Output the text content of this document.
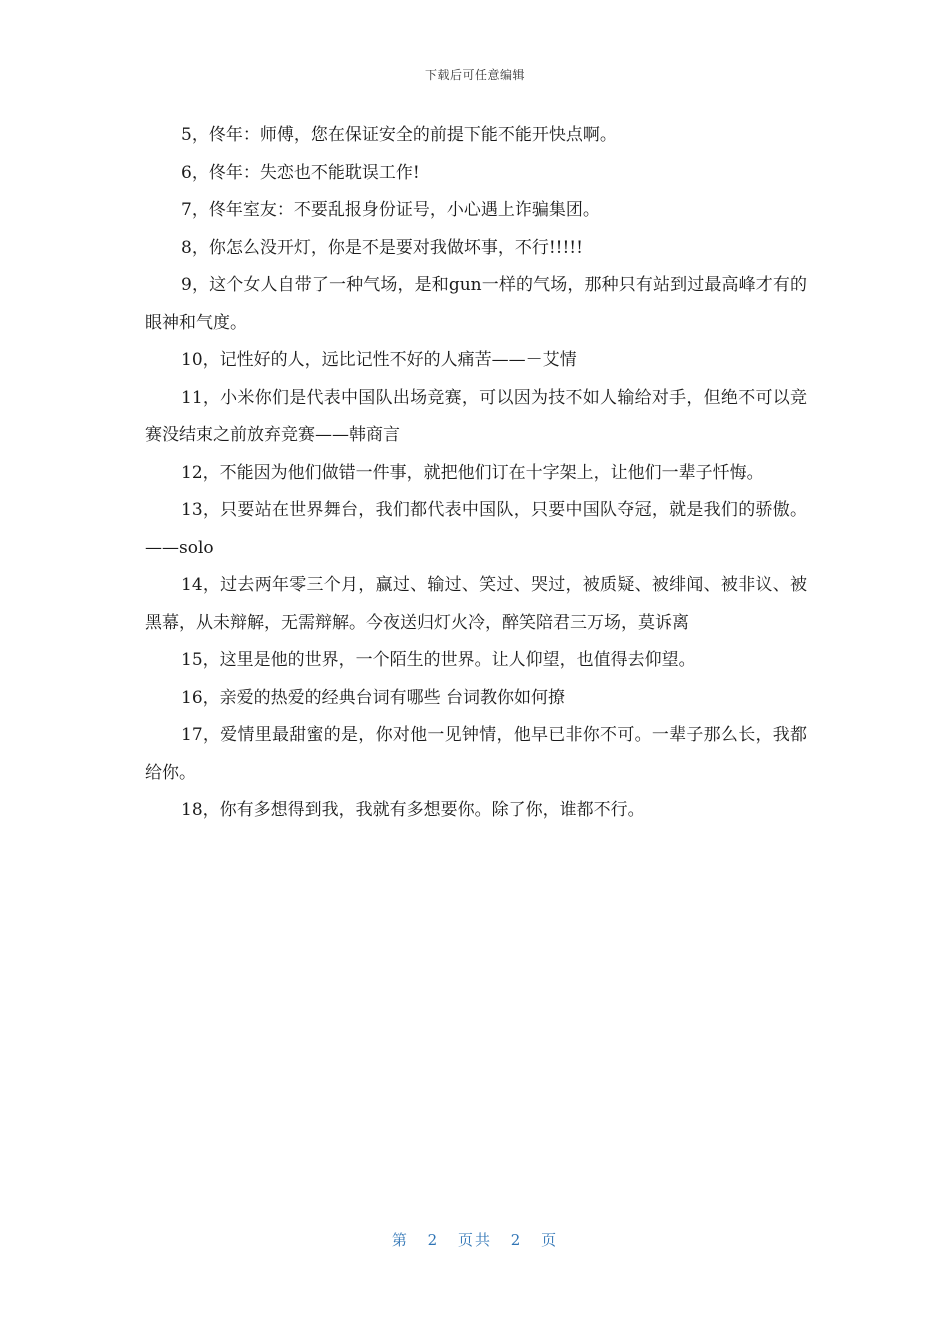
下载后可任意编辑

5，佟年：师傅，您在保证安全的前提下能不能开快点啊。

6，佟年：失恋也不能耽误工作!

7，佟年室友：不要乱报身份证号，小心遇上诈骗集团。

8，你怎么没开灯，你是不是要对我做坏事，不行!!!!!

9，这个女人自带了一种气场，是和gun一样的气场，那种只有站到过最高峰才有的眼神和气度。

10，记性好的人，远比记性不好的人痛苦——－艾情

11，小米你们是代表中国队出场竞赛，可以因为技不如人输给对手，但绝不可以竞赛没结束之前放弃竞赛——韩商言

12，不能因为他们做错一件事，就把他们订在十字架上，让他们一辈子忏悔。

13，只要站在世界舞台，我们都代表中国队，只要中国队夺冠，就是我们的骄傲。——solo

14，过去两年零三个月，赢过、输过、笑过、哭过，被质疑、被绯闻、被非议、被黑幕，从未辩解，无需辩解。今夜送归灯火冷，醉笑陪君三万场，莫诉离

15，这里是他的世界，一个陌生的世界。让人仰望，也值得去仰望。

16，亲爱的热爱的经典台词有哪些 台词教你如何撩

17，爱情里最甜蜜的是，你对他一见钟情，他早已非你不可。一辈子那么长，我都给你。

18，你有多想得到我，我就有多想要你。除了你，谁都不行。

第 2 页共 2 页
